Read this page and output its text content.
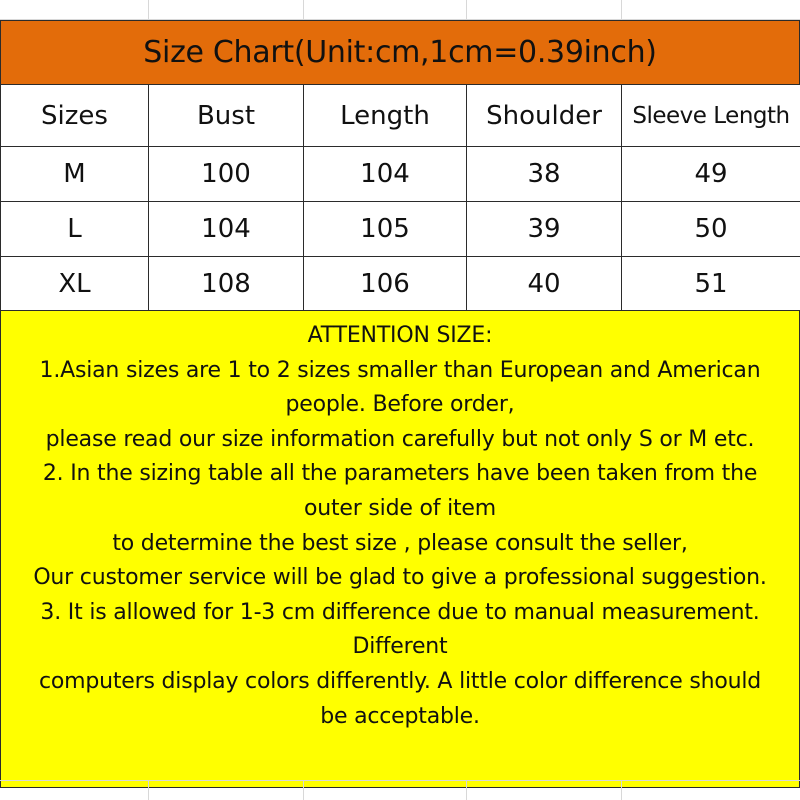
Size Chart(Unit:cm,1cm=0.39inch)
Sizes	Bust	Length	Shoulder	Sleeve Length
M	100	104	38	49
L	104	105	39	50
XL	108	106	40	51
ATTENTION SIZE:
1.Asian sizes are 1 to 2 sizes smaller than European and American
people. Before order,
please read our size information carefully but not only S or M etc.
2. In the sizing table all the parameters have been taken from the
outer side of item
to determine the best size , please consult the seller,
Our customer service will be glad to give a professional suggestion.
3. It is allowed for 1-3 cm difference due to manual measurement.
Different
computers display colors differently. A little color difference should
be acceptable.
